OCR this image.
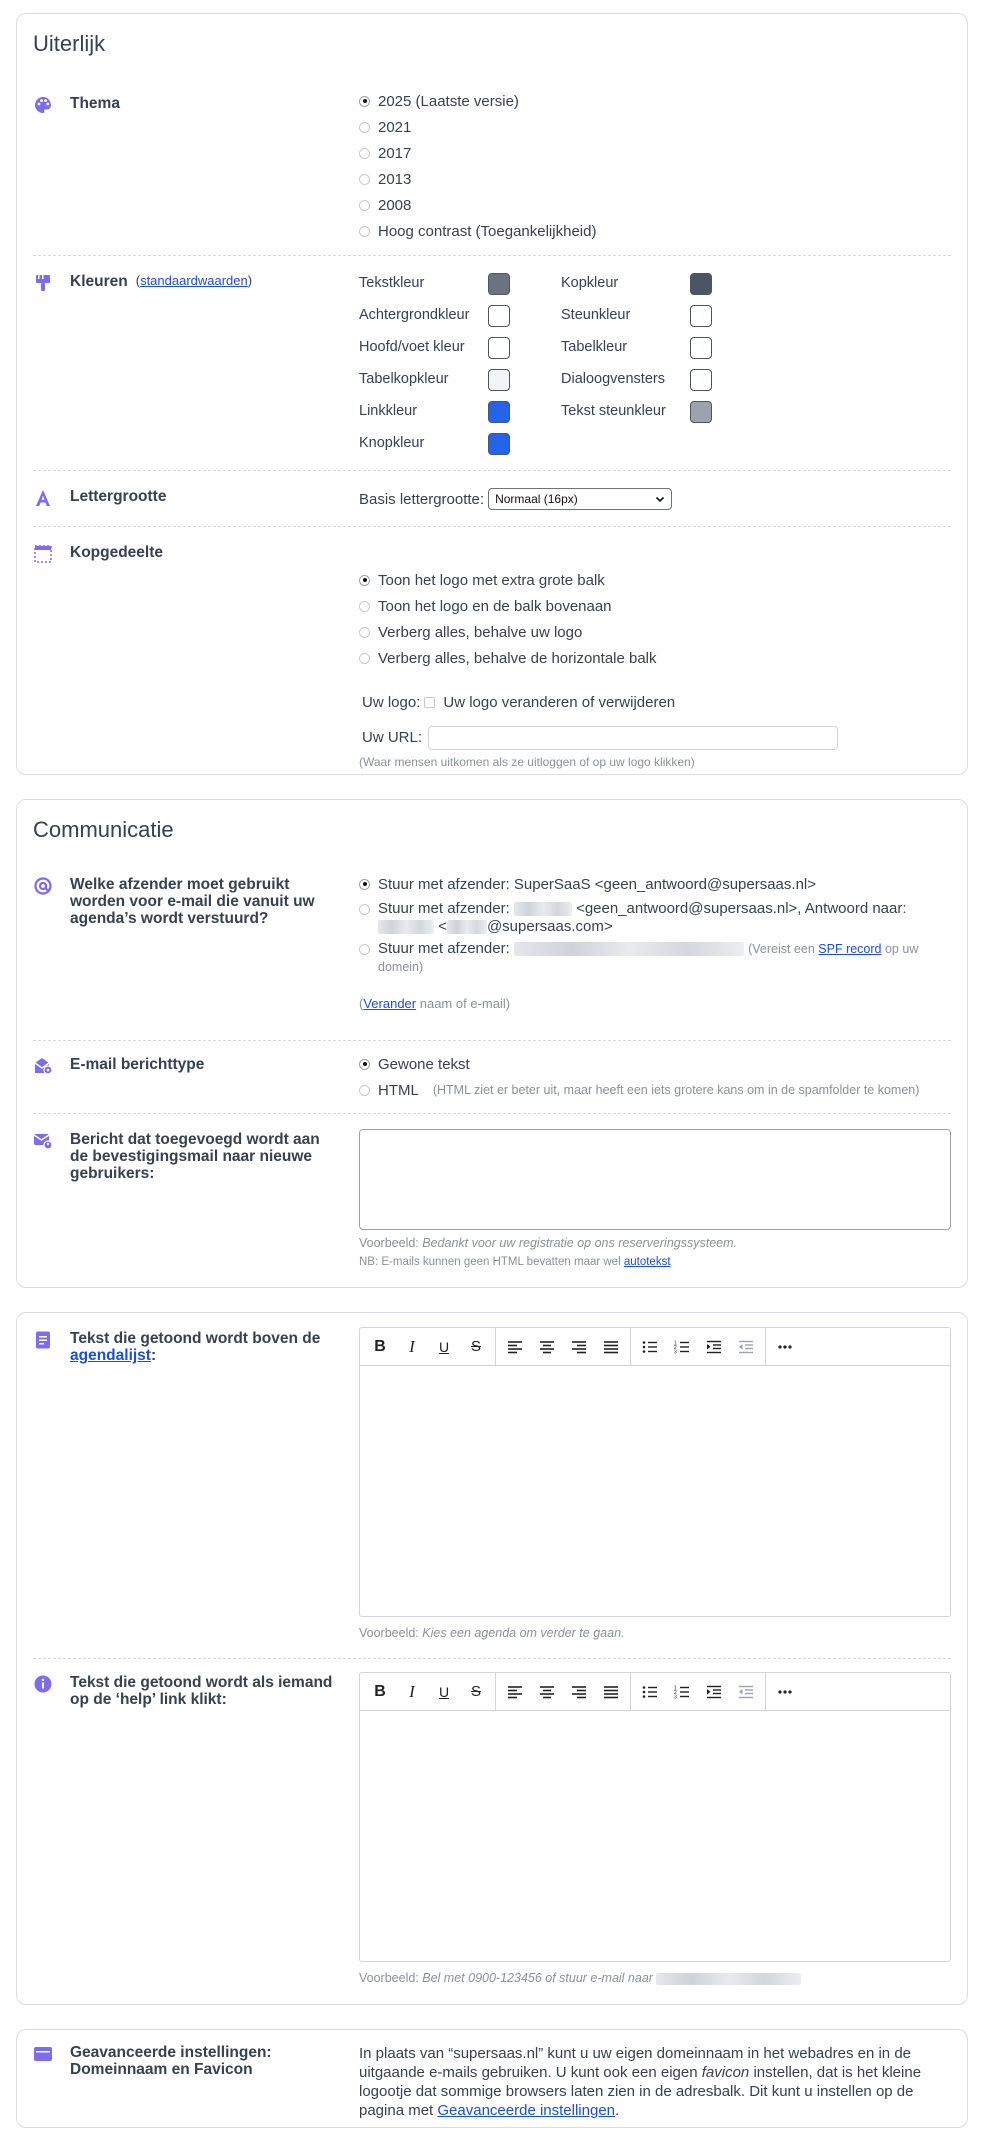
Uiterlijk
Thema	2025 (Laatste versie)
2021
2017
2013
2008
Hoog contrast (Toegankelijkheid)
Kleuren (standaardwaarden)	Tekstkleur	Kopkleur
Achtergrondkleur	Steunkleur
Hoofd/voet kleur	Tabelkleur
Tabelkopkleur	Dialoogvensters
Linkkleur	Tekst steunkleur
Knopkleur
Lettergrootte	Basis lettergrootte: Normaal (16px)
Kopgedeelte
Toon het logo met extra grote balk
Toon het logo en de balk bovenaan
Verberg alles, behalve uw logo
Verberg alles, behalve de horizontale balk
Uw logo: Uw logo veranderen of verwijderen
Uw URL:
(Waar mensen uitkomen als ze uitloggen of op uw logo klikken)
Communicatie
Welke afzender moet gebruikt worden voor e-mail die vanuit uw agenda’s wordt verstuurd?
Stuur met afzender: SuperSaaS <geen_antwoord@supersaas.nl>
Stuur met afzender:	<geen_antwoord@supersaas.nl>, Antwoord naar:
<	@supersaas.com>
Stuur met afzender:	(Vereist een SPF record op uw
domein)
(Verander naam of e-mail)
E-mail berichttype	Gewone tekst
HTML (HTML ziet er beter uit, maar heeft een iets grotere kans om in de spamfolder te komen)
Bericht dat toegevoegd wordt aan de bevestigingsmail naar nieuwe gebruikers:
Voorbeeld: Bedankt voor uw registratie op ons reserveringssysteem.
NB: E-mails kunnen geen HTML bevatten maar wel autotekst
Tekst die getoond wordt boven de
agendalijst:
B I U S	1
2
3
Voorbeeld: Kies een agenda om verder te gaan.
Tekst die getoond wordt als iemand op de ‘help’ link klikt:	B I U S	1
2
3
Voorbeeld: Bel met 0900-123456 of stuur e-mail naar
Geavanceerde instellingen: Domeinnaam en Favicon
In plaats van “supersaas.nl” kunt u uw eigen domeinnaam in het webadres en in de uitgaande e-mails gebruiken. U kunt ook een eigen favicon instellen, dat is het kleine logootje dat sommige browsers laten zien in de adresbalk. Dit kunt u instellen op de pagina met Geavanceerde instellingen.
